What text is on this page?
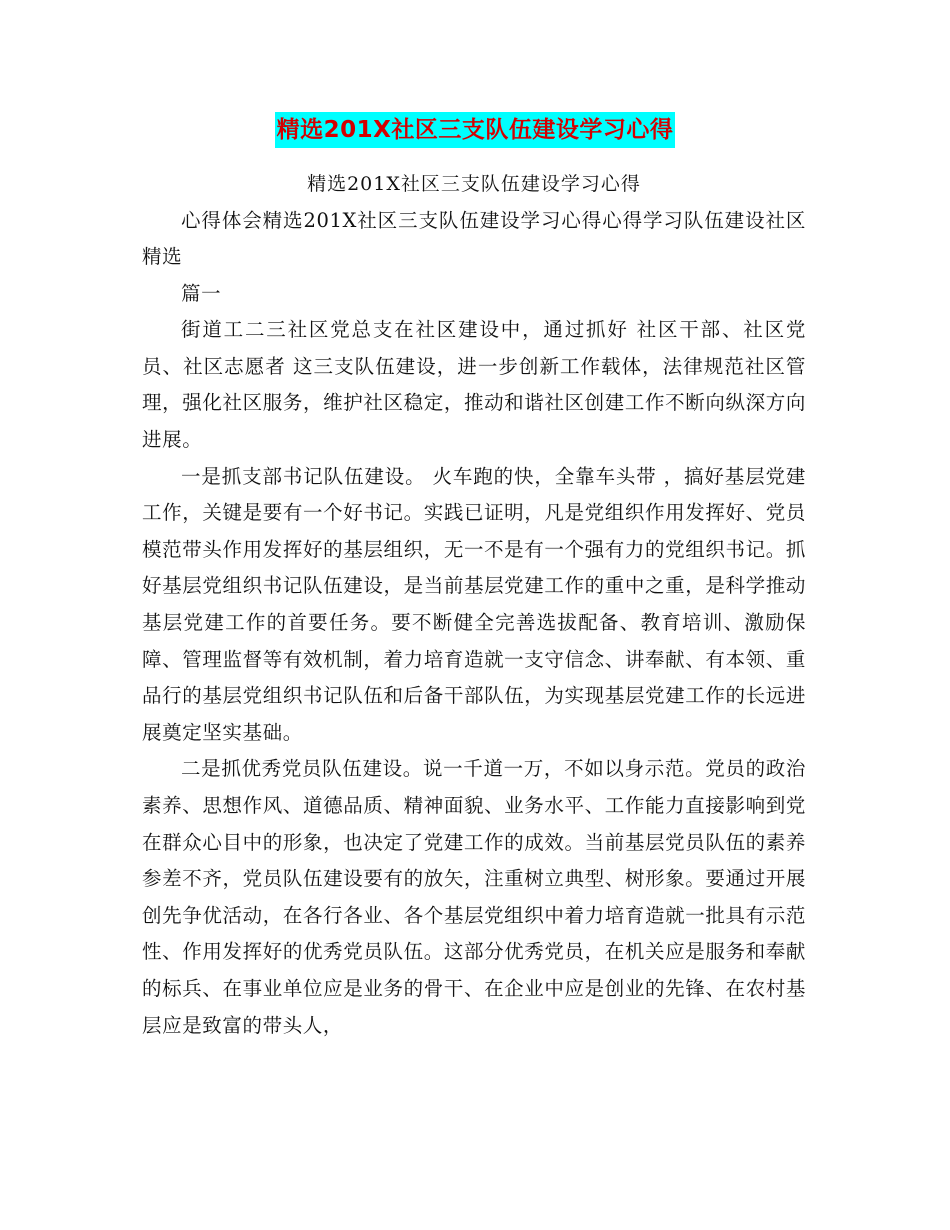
精选201X社区三支队伍建设学习心得

精选201X社区三支队伍建设学习心得

心得体会精选201X社区三支队伍建设学习心得心得学习队伍建设社区精选

篇一

街道工二三社区党总支在社区建设中，通过抓好 社区干部、社区党员、社区志愿者 这三支队伍建设，进一步创新工作载体，法律规范社区管理，强化社区服务，维护社区稳定，推动和谐社区创建工作不断向纵深方向进展。

一是抓支部书记队伍建设。 火车跑的快，全靠车头带 ，搞好基层党建工作，关键是要有一个好书记。实践已证明，凡是党组织作用发挥好、党员模范带头作用发挥好的基层组织，无一不是有一个强有力的党组织书记。抓好基层党组织书记队伍建设，是当前基层党建工作的重中之重，是科学推动基层党建工作的首要任务。要不断健全完善选拔配备、教育培训、激励保障、管理监督等有效机制，着力培育造就一支守信念、讲奉献、有本领、重品行的基层党组织书记队伍和后备干部队伍，为实现基层党建工作的长远进展奠定坚实基础。

二是抓优秀党员队伍建设。说一千道一万，不如以身示范。党员的政治素养、思想作风、道德品质、精神面貌、业务水平、工作能力直接影响到党在群众心目中的形象，也决定了党建工作的成效。当前基层党员队伍的素养参差不齐，党员队伍建设要有的放矢，注重树立典型、树形象。要通过开展创先争优活动，在各行各业、各个基层党组织中着力培育造就一批具有示范性、作用发挥好的优秀党员队伍。这部分优秀党员，在机关应是服务和奉献的标兵、在事业单位应是业务的骨干、在企业中应是创业的先锋、在农村基层应是致富的带头人，
